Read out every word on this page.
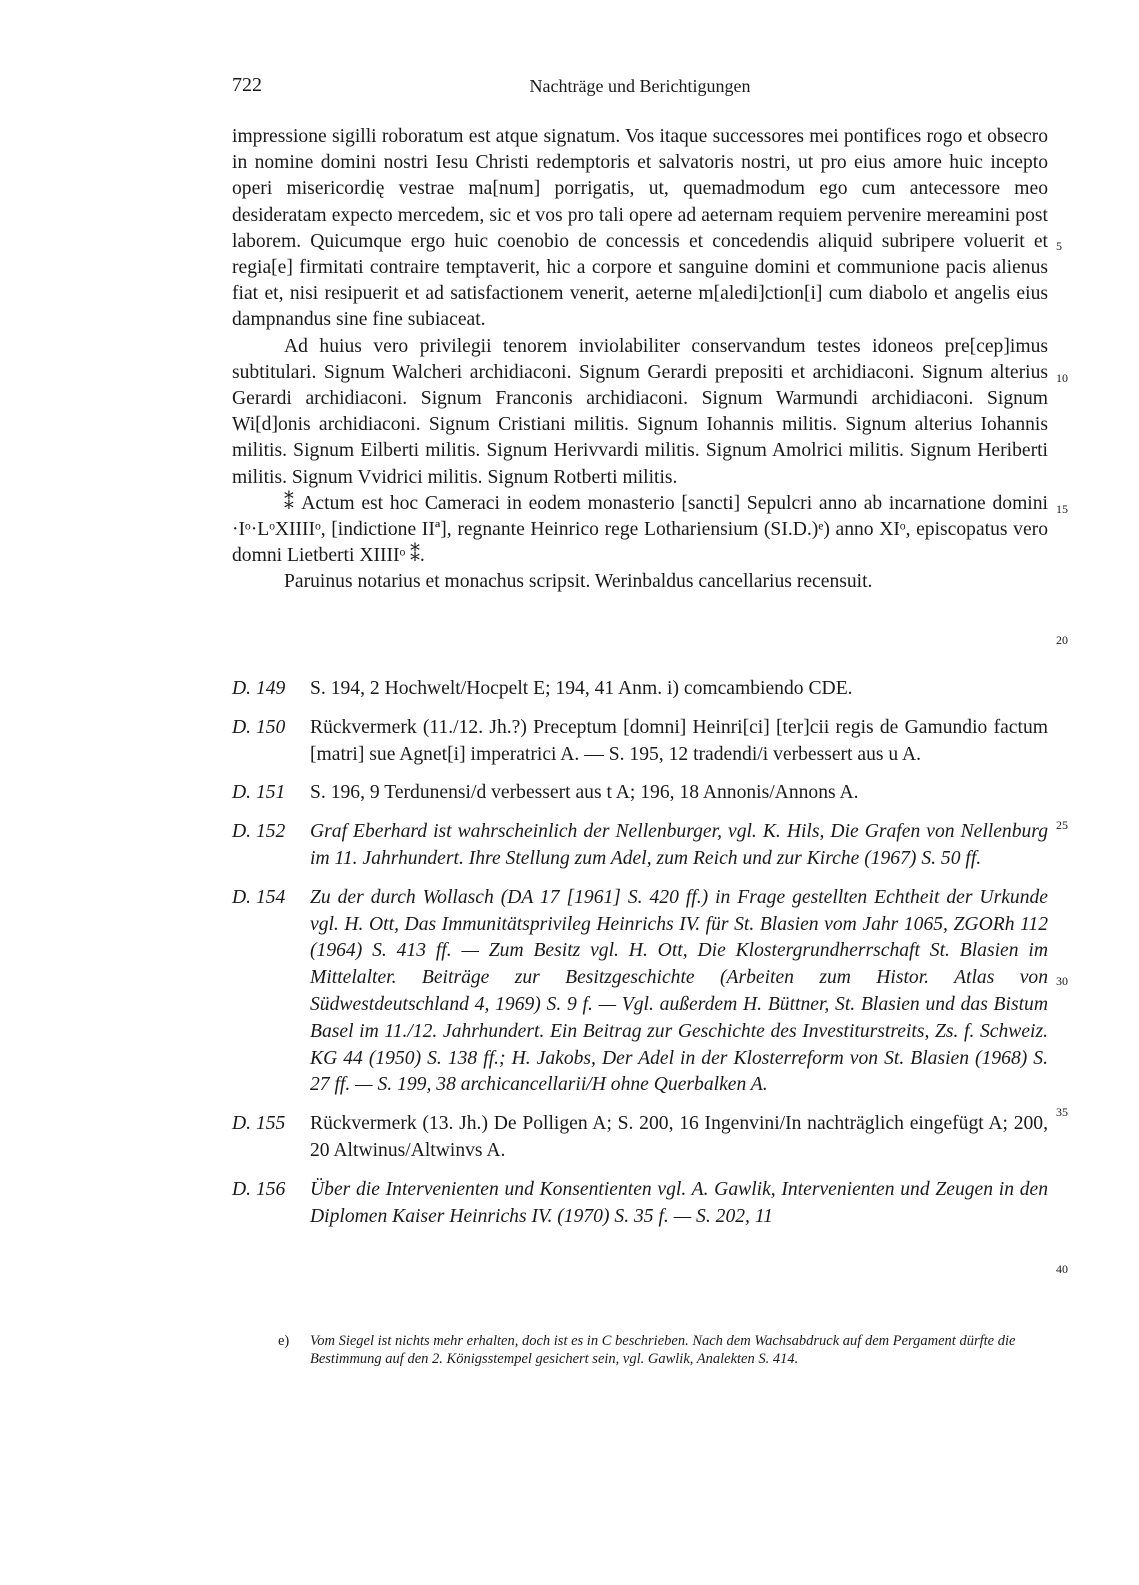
722	Nachträge und Berichtigungen

impressione sigilli roboratum est atque signatum. Vos itaque successores mei pontifices rogo et obsecro in nomine domini nostri Iesu Christi redemptoris et salvatoris nostri, ut pro eius amore huic incepto operi misericordię vestrae ma[num] porrigatis, ut, quemadmodum ego cum antecessore meo desideratam expecto mercedem, sic et vos pro tali opere ad aeternam requiem pervenire mereamini post laborem. Quicumque ergo huic coenobio de concessis et concedendis aliquid subripere voluerit et regia[e] firmitati contraire temptaverit, hic a corpore et sanguine domini et communione pacis alienus fiat et, nisi resipuerit et ad satisfactionem venerit, aeterne m[aledi]ction[i] cum diabolo et angelis eius dampnandus sine fine subiaceat.

Ad huius vero privilegii tenorem inviolabiliter conservandum testes idoneos pre[cep]imus subtitulari. Signum Walcheri archidiaconi. Signum Gerardi prepositi et archidiaconi. Signum alterius Gerardi archidiaconi. Signum Franconis archidiaconi. Signum Warmundi archidiaconi. Signum Wi[d]onis archidiaconi. Signum Cristiani militis. Signum Iohannis militis. Signum alterius Iohannis militis. Signum Eilberti militis. Signum Herivvardi militis. Signum Amolrici militis. Signum Heriberti militis. Signum Vvidrici militis. Signum Rotberti militis.

⁑ Actum est hoc Cameraci in eodem monasterio [sancti] Sepulcri anno ab incarnatione domini ·Iᵒ·LᵒXIIIIᵒ, [indictione IIª], regnante Heinrico rege Lothariensium (SI.D.)ᵉ) anno XIᵒ, episcopatus vero domni Lietberti XIIIIᵒ ⁑.

Paruinus notarius et monachus scripsit. Werinbaldus cancellarius recensuit.

5
10
15
20
25
30
35
40
D. 149	S. 194, 2 Hochwelt/Hocpelt E; 194, 41 Anm. i) comcambiendo CDE.
D. 150	Rückvermerk (11./12. Jh.?) Preceptum [domni] Heinri[ci] [ter]cii regis de Gamundio factum [matri] sue Agnet[i] imperatrici A. — S. 195, 12 tradendi/i verbessert aus u A.
D. 151	S. 196, 9 Terdunensi/d verbessert aus t A; 196, 18 Annonis/Annons A.
D. 152	Graf Eberhard ist wahrscheinlich der Nellenburger, vgl. K. Hils, Die Grafen von Nellenburg im 11. Jahrhundert. Ihre Stellung zum Adel, zum Reich und zur Kirche (1967) S. 50 ff.
D. 154	Zu der durch Wollasch (DA 17 [1961] S. 420 ff.) in Frage gestellten Echtheit der Urkunde vgl. H. Ott, Das Immunitätsprivileg Heinrichs IV. für St. Blasien vom Jahr 1065, ZGORh 112 (1964) S. 413 ff. — Zum Besitz vgl. H. Ott, Die Klostergrundherrschaft St. Blasien im Mittelalter. Beiträge zur Besitzgeschichte (Arbeiten zum Histor. Atlas von Südwestdeutschland 4, 1969) S. 9 f. — Vgl. außerdem H. Büttner, St. Blasien und das Bistum Basel im 11./12. Jahrhundert. Ein Beitrag zur Geschichte des Investiturstreits, Zs. f. Schweiz. KG 44 (1950) S. 138 ff.; H. Jakobs, Der Adel in der Klosterreform von St. Blasien (1968) S. 27 ff. — S. 199, 38 archicancellarii/H ohne Querbalken A.
D. 155	Rückvermerk (13. Jh.) De Polligen A; S. 200, 16 Ingenvini/In nachträglich eingefügt A; 200, 20 Altwinus/Altwinvs A.
D. 156	Über die Intervenienten und Konsentienten vgl. A. Gawlik, Intervenienten und Zeugen in den Diplomen Kaiser Heinrichs IV. (1970) S. 35 f. — S. 202, 11
e)	Vom Siegel ist nichts mehr erhalten, doch ist es in C beschrieben. Nach dem Wachsabdruck auf dem Pergament dürfte die Bestimmung auf den 2. Königsstempel gesichert sein, vgl. Gawlik, Analekten S. 414.
